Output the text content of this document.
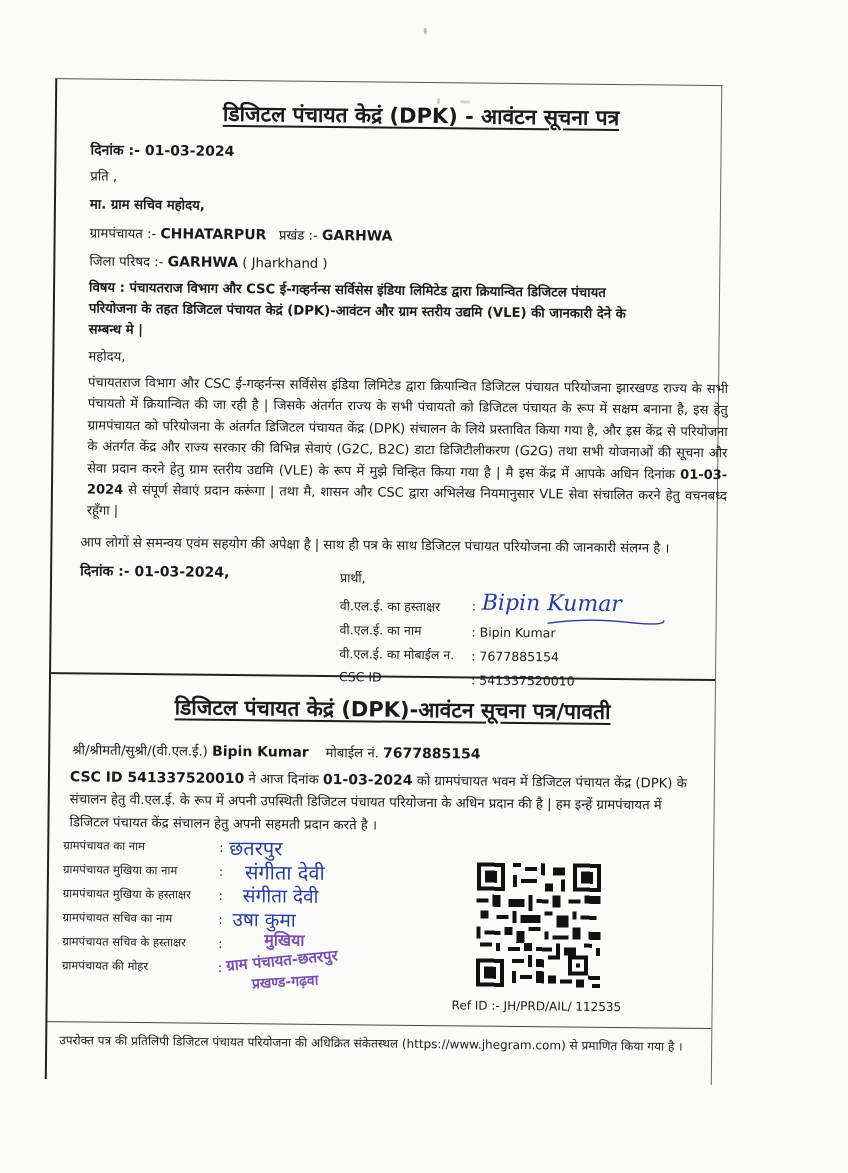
डिजिटल पंचायत केद्रं (DPK) - आवंटन सूचना पत्र
दिनांक :- 01-03-2024
प्रति ,
मा. ग्राम सचिव महोदय,
ग्रामपंचायत :- CHHATARPUR प्रखंड :- GARHWA
जिला परिषद :- GARHWA ( Jharkhand )
विषय : पंचायतराज विभाग और CSC ई-गव्हर्नन्स सर्विसेस इंडिया लिमिटेड द्वारा क्रियान्वित डिजिटल पंचायत
परियोजना के तहत डिजिटल पंचायत केद्रं (DPK)-आवंटन और ग्राम स्तरीय उद्यमि (VLE) की जानकारी देने के
सम्बन्ध मे |
महोदय,
पंचायतराज विभाग और CSC ई-गव्हर्नन्स सर्विसेस इंडिया लिमिटेड द्वारा क्रियान्वित डिजिटल पंचायत परियोजना झारखण्ड राज्य के सभी पंचायतो में क्रियान्वित की जा रही है | जिसके अंतर्गत राज्य के सभी पंचायतो को डिजिटल पंचायत के रूप में सक्षम बनाना है, इस हेतु ग्रामपंचायत को परियोजना के अंतर्गत डिजिटल पंचायत केंद्र (DPK) संचालन के लिये प्रस्तावित किया गया है, और इस केंद्र से परियोजना के अंतर्गत केंद्र और राज्य सरकार की विभिन्न सेवाएं (G2C, B2C) डाटा डिजिटीलीकरण (G2G) तथा सभी योजनाओं की सूचना और सेवा प्रदान करने हेतु ग्राम स्तरीय उद्यमि (VLE) के रूप में मुझे चिन्हित किया गया है | मै इस केंद्र में आपके अधिन दिनांक 01-03-2024 से संपूर्ण सेवाएं प्रदान करूंगा | तथा मै, शासन और CSC द्वारा अभिलेख नियमानुसार VLE सेवा संचालित करने हेतु वचनबध्द रहूँगा |
आप लोगों से समन्वय एवंम सहयोग की अपेक्षा है | साथ ही पत्र के साथ डिजिटल पंचायत परियोजना की जानकारी संलग्न है ।
दिनांक :- 01-03-2024,	प्रार्थी,
वी.एल.ई. का हस्ताक्षर
वी.एल.ई. का नाम
वी.एल.ई. का मोबाईल न.
CSC ID
: Bipin Kumar
: Bipin Kumar
: 7677885154
: 541337520010
डिजिटल पंचायत केद्रं (DPK)-आवंटन सूचना पत्र/पावती
श्री/श्रीमती/सुश्री/(वी.एल.ई.) Bipin Kumar मोबाईल नं. 7677885154
CSC ID 541337520010 ने आज दिनांक 01-03-2024 को ग्रामपंचायत भवन में डिजिटल पंचायत केंद्र (DPK) के
संचालन हेतु वी.एल.ई. के रूप में अपनी उपस्थिती डिजिटल पंचायत परियोजना के अधिन प्रदान की है | हम इन्हें ग्रामपंचायत में
डिजिटल पंचायत केंद्र संचालन हेतु अपनी सहमती प्रदान करते है ।
ग्रामपंचायत का नाम
ग्रामपंचायत मुखिया का नाम
ग्रामपंचायत मुखिया के हस्ताक्षर
ग्रामपंचायत सचिव का नाम
ग्रामपंचायत सचिव के हस्ताक्षर
ग्रामपंचायत की मोहर
:
:
:
:
:
:
छतरपुर
संगीता देवी
संगीता देवी
उषा कुमा
मुखिया
ग्राम पंचायत-छतरपुर
प्रखण्ड-गढ़वा
Ref ID :- JH/PRD/AIL/ 112535
उपरोक्त पत्र की प्रतिलिपी डिजिटल पंचायत परियोजना की अधिक्रित संकेतस्थल (https://www.jhegram.com) से प्रमाणित किया गया है ।
